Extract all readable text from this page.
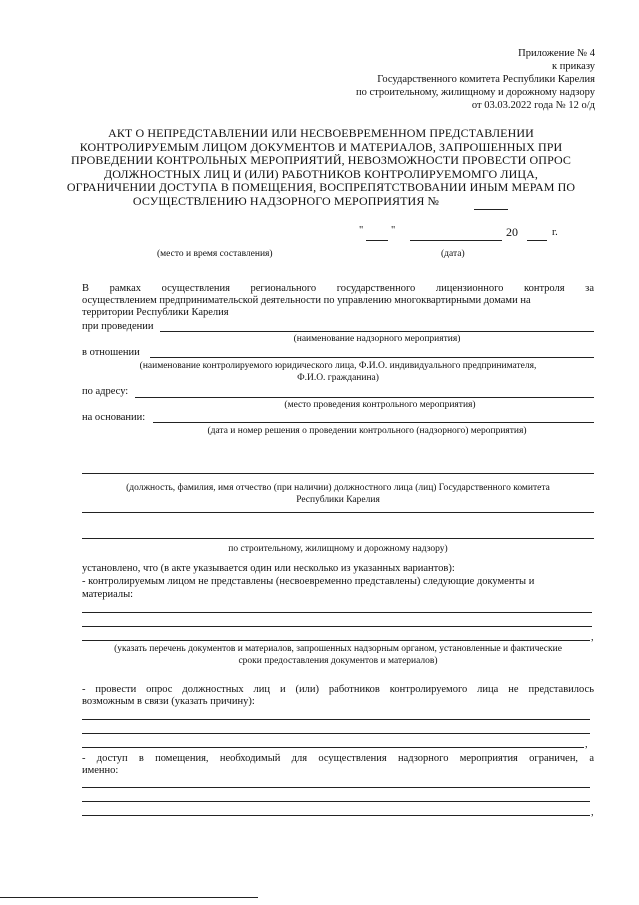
Приложение № 4
к приказу
Государственного комитета Республики Карелия
по строительному, жилищному и дорожному надзору
от 03.03.2022 года № 12 о/д
АКТ О НЕПРЕДСТАВЛЕНИИ ИЛИ НЕСВОЕВРЕМЕННОМ ПРЕДСТАВЛЕНИИ
КОНТРОЛИРУЕМЫМ ЛИЦОМ ДОКУМЕНТОВ И МАТЕРИАЛОВ, ЗАПРОШЕННЫХ ПРИ
ПРОВЕДЕНИИ КОНТРОЛЬНЫХ МЕРОПРИЯТИЙ, НЕВОЗМОЖНОСТИ ПРОВЕСТИ ОПРОС
ДОЛЖНОСТНЫХ ЛИЦ И (ИЛИ) РАБОТНИКОВ КОНТРОЛИРУЕМОМГО ЛИЦА,
ОГРАНИЧЕНИИ ДОСТУПА В ПОМЕЩЕНИЯ, ВОСПРЕПЯТСТВОВАНИИ ИНЫМ МЕРАМ ПО
ОСУЩЕСТВЛЕНИЮ НАДЗОРНОГО МЕРОПРИЯТИЯ №
"	"	20	г.
(место и время составления)	(дата)
В рамках осуществления регионального государственного лицензионного контроля за
осуществлением предпринимательской деятельности по управлению многоквартирными домами на
территории Республики Карелия
при проведении
(наименование надзорного мероприятия)
в отношении
(наименование контролируемого юридического лица, Ф.И.О. индивидуального предпринимателя,
Ф.И.О. гражданина)
по адресу:
(место проведения контрольного мероприятия)
на основании:
(дата и номер решения о проведении контрольного (надзорного) мероприятия)
(должность, фамилия, имя отчество (при наличии) должностного лица (лиц) Государственного комитета
Республики Карелия
по строительному, жилищному и дорожному надзору)
установлено, что (в акте указывается один или несколько из указанных вариантов):
- контролируемым лицом не представлены (несвоевременно представлены) следующие документы и
материалы:
,
(указать перечень документов и материалов, запрошенных надзорным органом, установленные и фактические
сроки предоставления документов и материалов)
- провести опрос должностных лиц и (или) работников контролируемого лица не представилось
возможным в связи (указать причину):
,
- доступ в помещения, необходимый для осуществления надзорного мероприятия ограничен, а
именно:
,
